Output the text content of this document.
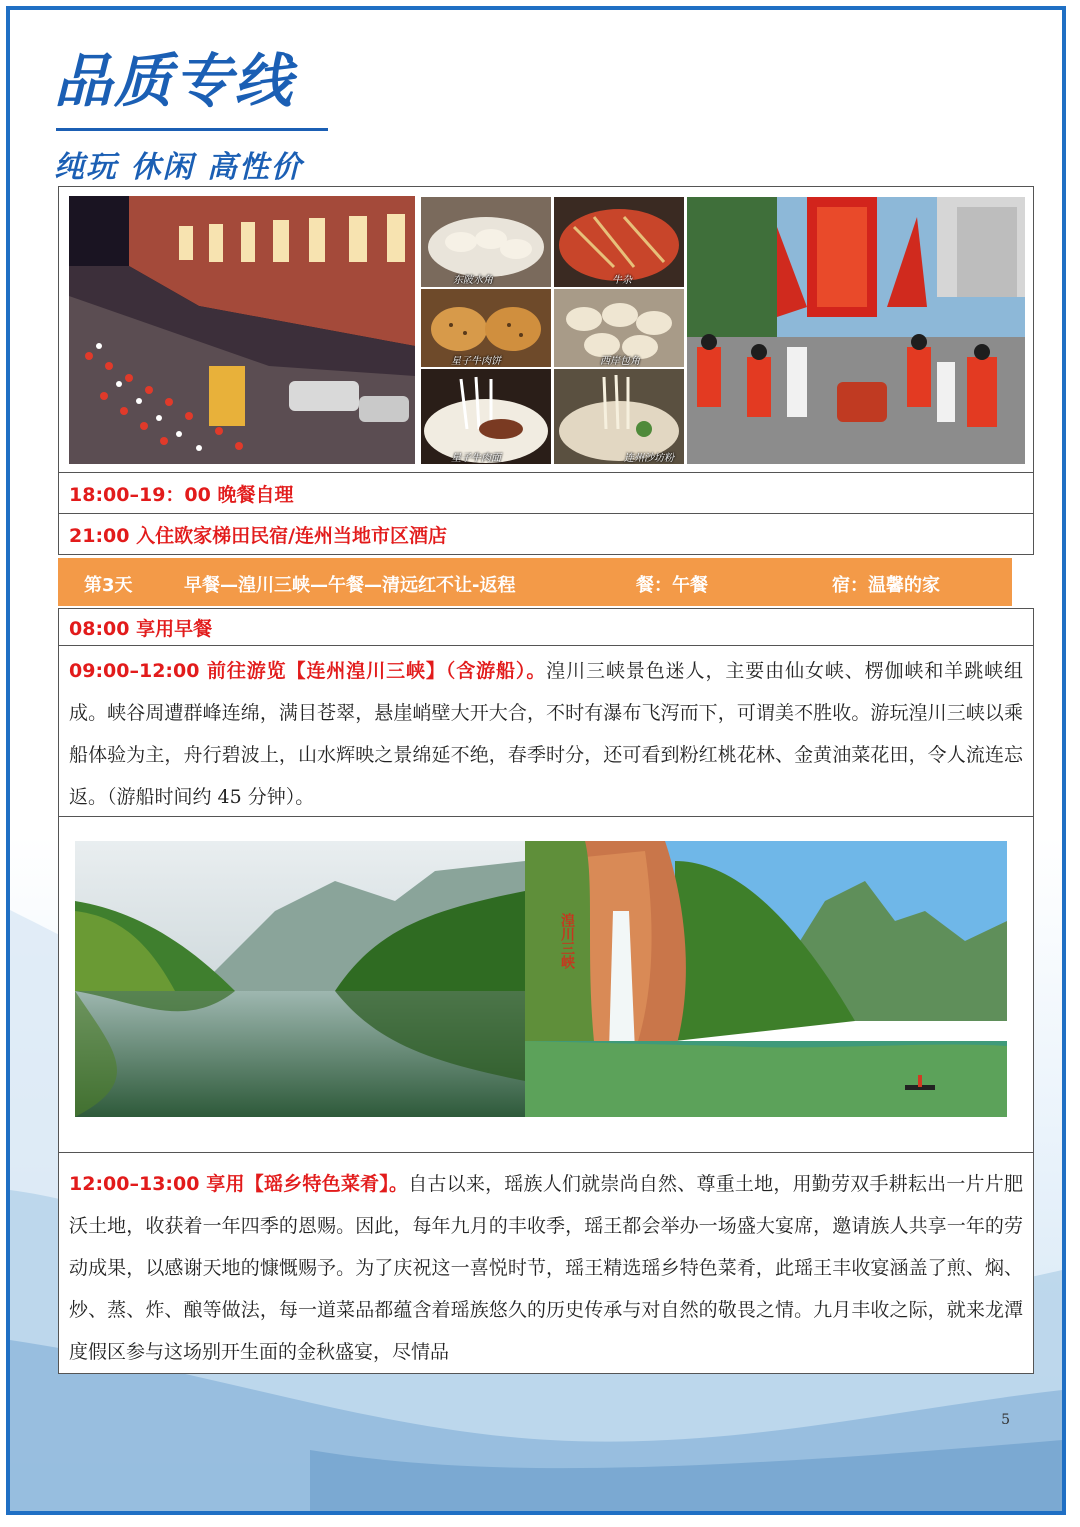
品质专线
纯玩 休闲 高性价
东陂水角	牛杂
星子牛肉饼	西岸包角
星子牛肉面	连州沙坊粉
18:00–19：00 晚餐自理
21:00 入住欧家梯田民宿/连州当地市区酒店
第3天	早餐—湟川三峡—午餐—清远红不让-返程	餐：午餐	宿：温馨的家
08:00 享用早餐

09:00–12:00 前往游览【连州湟川三峡】（含游船）。湟川三峡景色迷人，主要由仙女峡、楞伽峡和羊跳峡组成。峡谷周遭群峰连绵，满目苍翠，悬崖峭壁大开大合，不时有瀑布飞泻而下，可谓美不胜收。游玩湟川三峡以乘船体验为主，舟行碧波上，山水辉映之景绵延不绝，春季时分，还可看到粉红桃花林、金黄油菜花田，令人流连忘返。（游船时间约 45 分钟）。

湟川三峡

12:00–13:00 享用【瑶乡特色菜肴】。自古以来，瑶族人们就崇尚自然、尊重土地，用勤劳双手耕耘出一片片肥沃土地，收获着一年四季的恩赐。因此，每年九月的丰收季，瑶王都会举办一场盛大宴席，邀请族人共享一年的劳动成果，以感谢天地的慷慨赐予。为了庆祝这一喜悦时节，瑶王精选瑶乡特色菜肴，此瑶王丰收宴涵盖了煎、焖、炒、蒸、炸、酿等做法，每一道菜品都蕴含着瑶族悠久的历史传承与对自然的敬畏之情。九月丰收之际，就来龙潭度假区参与这场别开生面的金秋盛宴，尽情品

5
